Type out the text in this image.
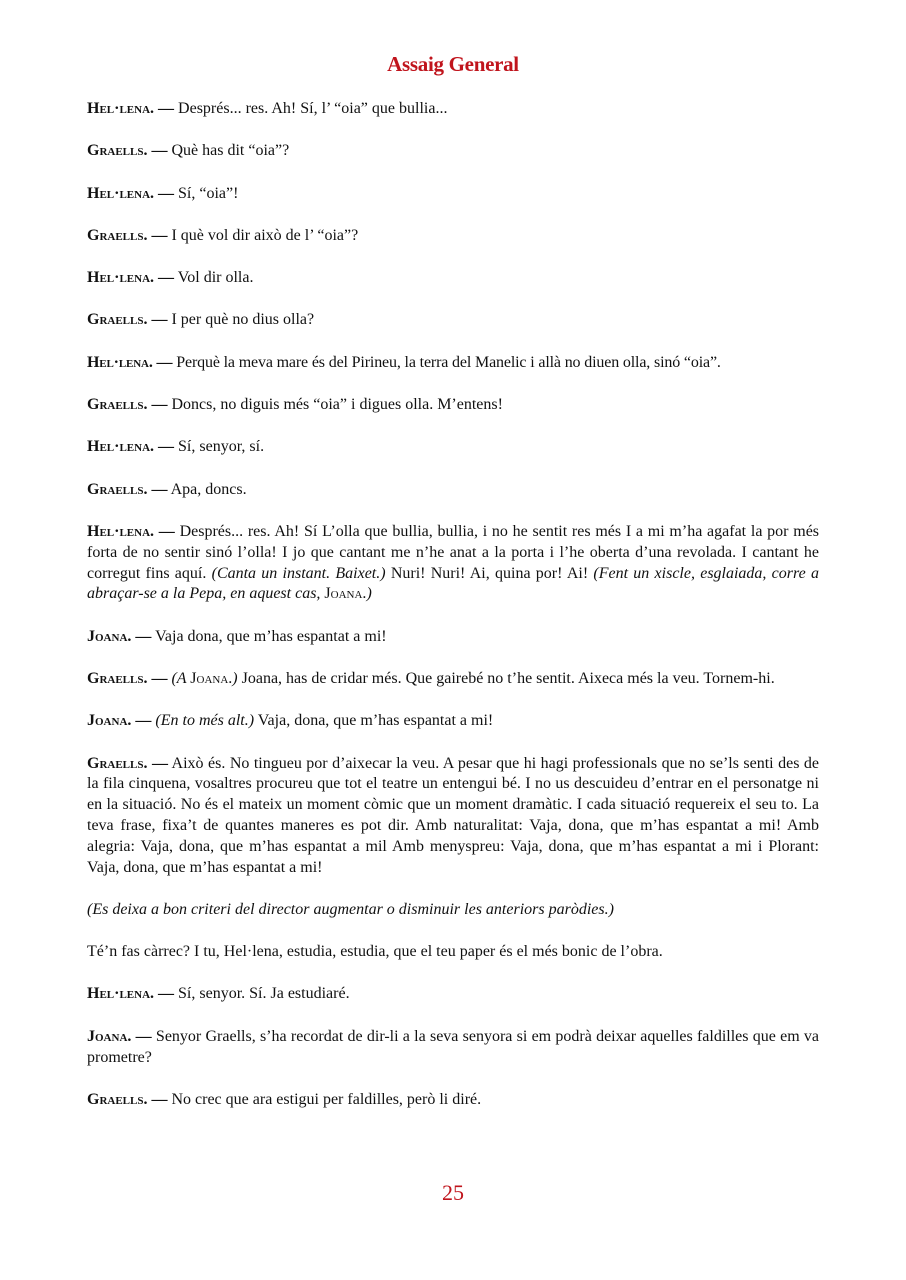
Assaig General

Hel·lena. — Després... res. Ah! Sí, l’ “oia” que bullia...

Graells. — Què has dit “oia”?

Hel·lena. — Sí, “oia”!

Graells. — I què vol dir això de l’ “oia”?

Hel·lena. — Vol dir olla.

Graells. — I per què no dius olla?

Hel·lena. — Perquè la meva mare és del Pirineu, la terra del Manelic i allà no diuen olla, sinó “oia”.

Graells. — Doncs, no diguis més “oia” i digues olla. M’entens!

Hel·lena. — Sí, senyor, sí.

Graells. — Apa, doncs.

Hel·lena. — Després... res. Ah! Sí L’olla que bullia, bullia, i no he sentit res més I a mi m’ha agafat la por més forta de no sentir sinó l’olla! I jo que cantant me n’he anat a la porta i l’he oberta d’una revolada. I cantant he corregut fins aquí. (Canta un instant. Baixet.) Nuri! Nuri! Ai, quina por! Ai! (Fent un xiscle, esglaiada, corre a abraçar-se a la Pepa, en aquest cas, Joana.)

Joana. — Vaja dona, que m’has espantat a mi!

Graells. — (A Joana.) Joana, has de cridar més. Que gairebé no t’he sentit. Aixeca més la veu. Tornem-hi.

Joana. — (En to més alt.) Vaja, dona, que m’has espantat a mi!

Graells. — Això és. No tingueu por d’aixecar la veu. A pesar que hi hagi professionals que no se’ls senti des de la fila cinquena, vosaltres procureu que tot el teatre un entengui bé. I no us descuideu d’entrar en el personatge ni en la situació. No és el mateix un moment còmic que un moment dramàtic. I cada situació requereix el seu to. La teva frase, fixa’t de quantes maneres es pot dir. Amb naturalitat: Vaja, dona, que m’has espantat a mi! Amb alegria: Vaja, dona, que m’has espantat a mil Amb menyspreu: Vaja, dona, que m’has espantat a mi i Plorant: Vaja, dona, que m’has espantat a mi!

(Es deixa a bon criteri del director augmentar o disminuir les anteriors paròdies.)

Té’n fas càrrec? I tu, Hel·lena, estudia, estudia, que el teu paper és el més bonic de l’obra.

Hel·lena. — Sí, senyor. Sí. Ja estudiaré.

Joana. — Senyor Graells, s’ha recordat de dir-li a la seva senyora si em podrà deixar aquelles faldilles que em va prometre?

Graells. — No crec que ara estigui per faldilles, però li diré.

25
